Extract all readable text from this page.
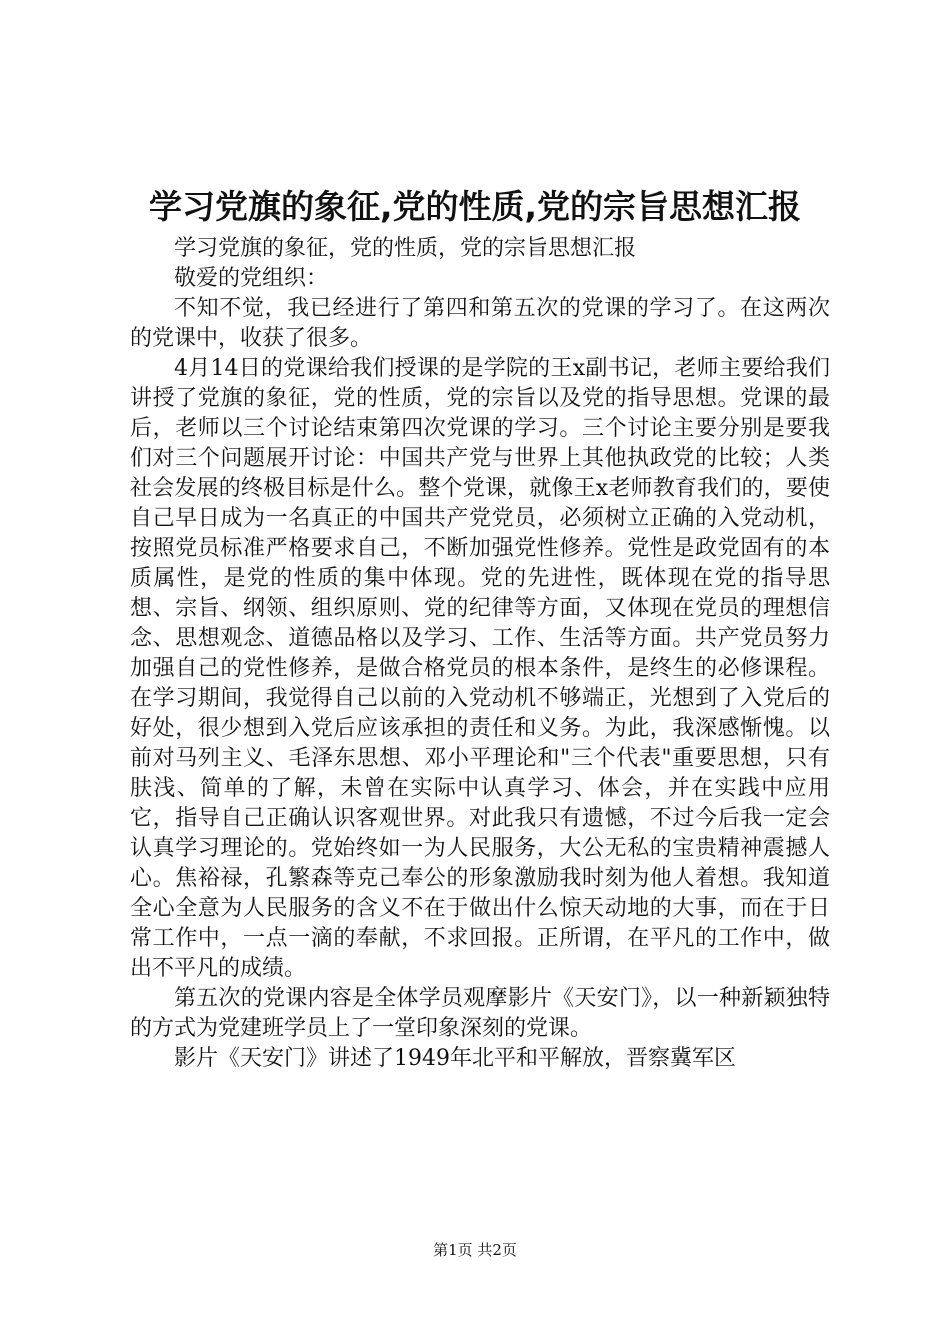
学习党旗的象征,党的性质,党的宗旨思想汇报

学习党旗的象征，党的性质，党的宗旨思想汇报

敬爱的党组织：

不知不觉，我已经进行了第四和第五次的党课的学习了。在这两次的党课中，收获了很多。

4月14日的党课给我们授课的是学院的王x副书记，老师主要给我们讲授了党旗的象征，党的性质，党的宗旨以及党的指导思想。党课的最后，老师以三个讨论结束第四次党课的学习。三个讨论主要分别是要我们对三个问题展开讨论：中国共产党与世界上其他执政党的比较；人类社会发展的终极目标是什么。整个党课，就像王x老师教育我们的，要使自己早日成为一名真正的中国共产党党员，必须树立正确的入党动机，按照党员标准严格要求自己，不断加强党性修养。党性是政党固有的本质属性，是党的性质的集中体现。党的先进性，既体现在党的指导思想、宗旨、纲领、组织原则、党的纪律等方面，又体现在党员的理想信念、思想观念、道德品格以及学习、工作、生活等方面。共产党员努力加强自己的党性修养，是做合格党员的根本条件，是终生的必修课程。在学习期间，我觉得自己以前的入党动机不够端正，光想到了入党后的好处，很少想到入党后应该承担的责任和义务。为此，我深感惭愧。以前对马列主义、毛泽东思想、邓小平理论和"三个代表"重要思想，只有肤浅、简单的了解，未曾在实际中认真学习、体会，并在实践中应用它，指导自己正确认识客观世界。对此我只有遗憾，不过今后我一定会认真学习理论的。党始终如一为人民服务，大公无私的宝贵精神震撼人心。焦裕禄，孔繁森等克己奉公的形象激励我时刻为他人着想。我知道全心全意为人民服务的含义不在于做出什么惊天动地的大事，而在于日常工作中，一点一滴的奉献，不求回报。正所谓，在平凡的工作中，做出不平凡的成绩。

第五次的党课内容是全体学员观摩影片《天安门》，以一种新颖独特的方式为党建班学员上了一堂印象深刻的党课。

影片《天安门》讲述了1949年北平和平解放，晋察冀军区

第1页 共2页
